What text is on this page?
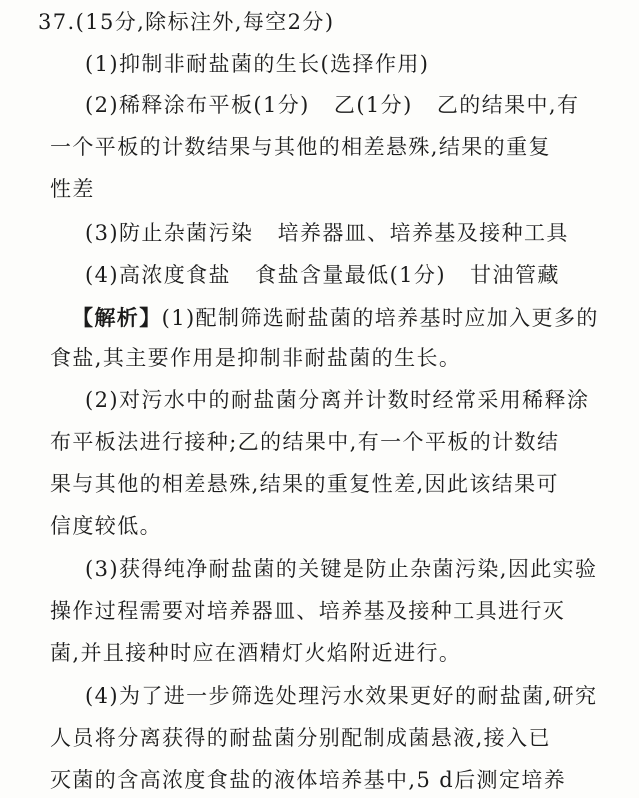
37.(15分,除标注外,每空2分)
(1)抑制非耐盐菌的生长(选择作用)
(2)稀释涂布平板(1分)   乙(1分)   乙的结果中,有
一个平板的计数结果与其他的相差悬殊,结果的重复
性差
(3)防止杂菌污染   培养器皿、培养基及接种工具
(4)高浓度食盐   食盐含量最低(1分)   甘油管藏
【解析】(1)配制筛选耐盐菌的培养基时应加入更多的
食盐,其主要作用是抑制非耐盐菌的生长。
(2)对污水中的耐盐菌分离并计数时经常采用稀释涂
布平板法进行接种;乙的结果中,有一个平板的计数结
果与其他的相差悬殊,结果的重复性差,因此该结果可
信度较低。
(3)获得纯净耐盐菌的关键是防止杂菌污染,因此实验
操作过程需要对培养器皿、培养基及接种工具进行灭
菌,并且接种时应在酒精灯火焰附近进行。
(4)为了进一步筛选处理污水效果更好的耐盐菌,研究
人员将分离获得的耐盐菌分别配制成菌悬液,接入已
灭菌的含高浓度食盐的液体培养基中,5 d后测定培养
